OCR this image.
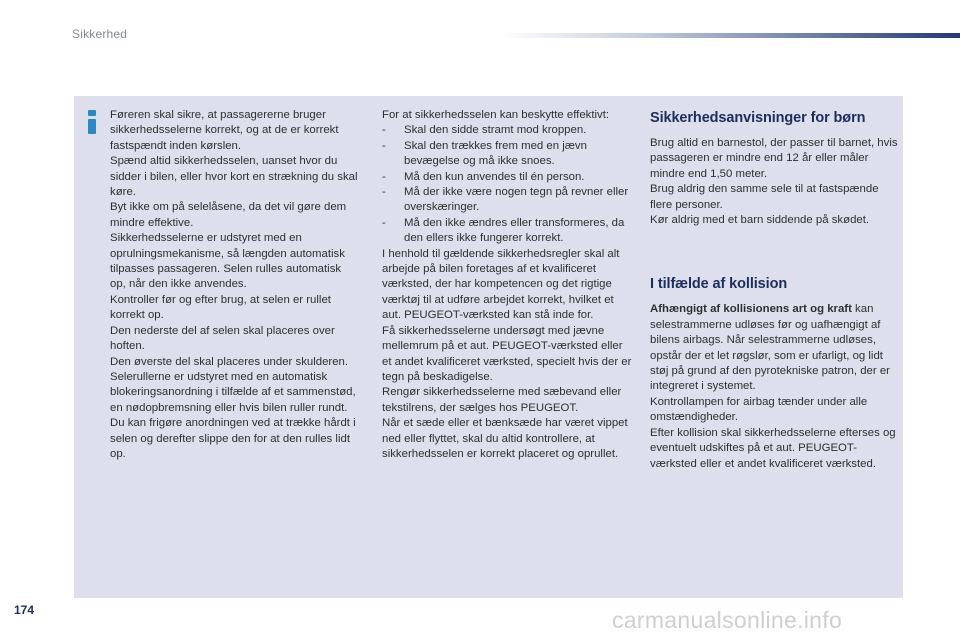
Sikkerhed

Føreren skal sikre, at passagererne bruger sikkerhedsselerne korrekt, og at de er korrekt fastspændt inden kørslen.

Spænd altid sikkerhedsselen, uanset hvor du sidder i bilen, eller hvor kort en strækning du skal køre.

Byt ikke om på selelåsene, da det vil gøre dem mindre effektive.

Sikkerhedsselerne er udstyret med en oprulningsmekanisme, så længden automatisk tilpasses passageren. Selen rulles automatisk op, når den ikke anvendes.

Kontroller før og efter brug, at selen er rullet korrekt op.

Den nederste del af selen skal placeres over hoften.

Den øverste del skal placeres under skulderen.

Selerullerne er udstyret med en automatisk blokeringsanordning i tilfælde af et sammenstød, en nødopbremsning eller hvis bilen ruller rundt. Du kan frigøre anordningen ved at trække hårdt i selen og derefter slippe den for at den rulles lidt op.

For at sikkerhedsselen kan beskytte effektivt:

-	Skal den sidde stramt mod kroppen.
-	Skal den trækkes frem med en jævn bevægelse og må ikke snoes.
-	Må den kun anvendes til én person.
-	Må der ikke være nogen tegn på revner eller overskæringer.
-	Må den ikke ændres eller transformeres, da den ellers ikke fungerer korrekt.

I henhold til gældende sikkerhedsregler skal alt arbejde på bilen foretages af et kvalificeret værksted, der har kompetencen og det rigtige værktøj til at udføre arbejdet korrekt, hvilket et aut. PEUGEOT-værksted kan stå inde for.

Få sikkerhedsselerne undersøgt med jævne mellemrum på et aut. PEUGEOT-værksted eller et andet kvalificeret værksted, specielt hvis der er tegn på beskadigelse.

Rengør sikkerhedsselerne med sæbevand eller tekstilrens, der sælges hos PEUGEOT.

Når et sæde eller et bænksæde har været vippet ned eller flyttet, skal du altid kontrollere, at sikkerhedsselen er korrekt placeret og oprullet.

Sikkerhedsanvisninger for børn

Brug altid en barnestol, der passer til barnet, hvis passageren er mindre end 12 år eller måler mindre end 1,50 meter.

Brug aldrig den samme sele til at fastspænde flere personer.

Kør aldrig med et barn siddende på skødet.

I tilfælde af kollision

Afhængigt af kollisionens art og kraft kan selestrammerne udløses før og uafhængigt af bilens airbags. Når selestrammerne udløses, opstår der et let røgslør, som er ufarligt, og lidt støj på grund af den pyrotekniske patron, der er integreret i systemet.

Kontrollampen for airbag tænder under alle omstændigheder.

Efter kollision skal sikkerhedsselerne efterses og eventuelt udskiftes på et aut. PEUGEOT-værksted eller et andet kvalificeret værksted.

174	carmanualsonline.info
